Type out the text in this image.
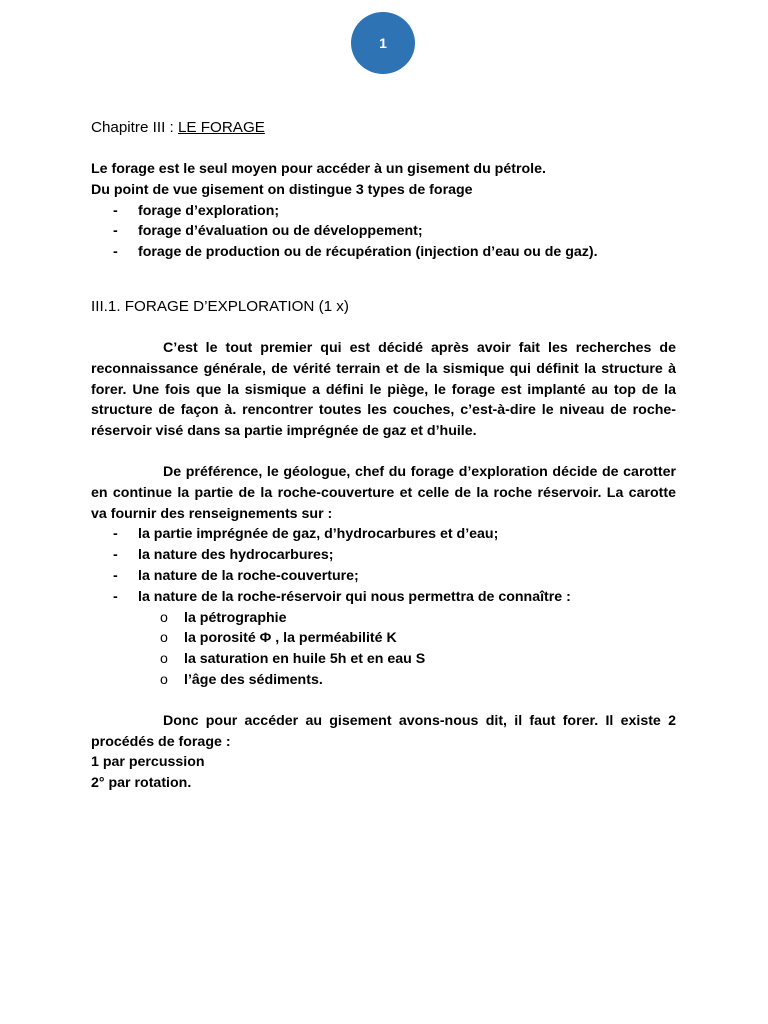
1
Chapitre III : LE FORAGE

Le forage est le seul moyen pour accéder à un gisement du pétrole.

Du point de vue gisement on distingue 3 types de forage

- forage d’exploration;
- forage d’évaluation ou de développement;
- forage de production ou de récupération (injection d’eau ou de gaz).
III.1. FORAGE D’EXPLORATION (1 x)

C’est le tout premier qui est décidé après avoir fait les recherches de reconnaissance générale, de vérité terrain et de la sismique qui définit la structure à forer. Une fois que la sismique a défini le piège, le forage est implanté au top de la structure de façon à. rencontrer toutes les couches, c’est-à-dire le niveau de roche-réservoir visé dans sa partie imprégnée de gaz et d’huile.

De préférence, le géologue, chef du forage d’exploration décide de carotter en continue la partie de la roche-couverture et celle de la roche réservoir. La carotte va fournir des renseignements sur :

- la partie imprégnée de gaz, d’hydrocarbures et d’eau;
- la nature des hydrocarbures;
- la nature de la roche-couverture;
- la nature de la roche-réservoir qui nous permettra de connaître :
o la pétrographie
o la porosité Φ , la perméabilité K
o la saturation en huile 5h et en eau S
o l’âge des sédiments.

Donc pour accéder au gisement avons-nous dit, il faut forer. Il existe 2 procédés de forage :

1 par percussion

2° par rotation.
